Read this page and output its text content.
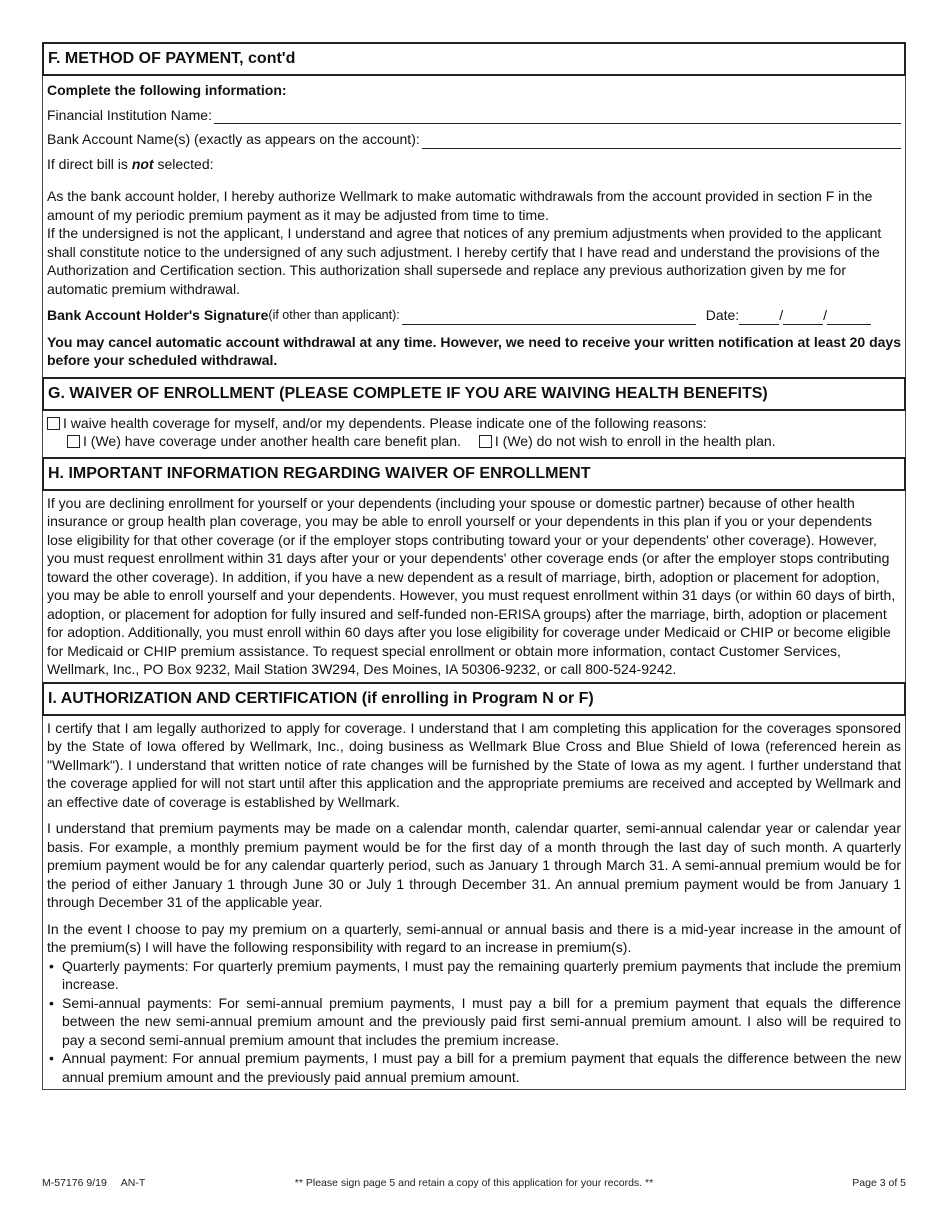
F. METHOD OF PAYMENT, cont'd
Complete the following information:
Financial Institution Name:
Bank Account Name(s) (exactly as appears on the account):
If direct bill is not selected:
As the bank account holder, I hereby authorize Wellmark to make automatic withdrawals from the account provided in section F in the amount of my periodic premium payment as it may be adjusted from time to time.
If the undersigned is not the applicant, I understand and agree that notices of any premium adjustments when provided to the applicant shall constitute notice to the undersigned of any such adjustment. I hereby certify that I have read and understand the provisions of the Authorization and Certification section. This authorization shall supersede and replace any previous authorization given by me for automatic premium withdrawal.
Bank Account Holder's Signature (if other than applicant):	Date:	/	/
You may cancel automatic account withdrawal at any time. However, we need to receive your written notification at least 20 days before your scheduled withdrawal.
G. WAIVER OF ENROLLMENT (PLEASE COMPLETE IF YOU ARE WAIVING HEALTH BENEFITS)
I waive health coverage for myself, and/or my dependents. Please indicate one of the following reasons:
I (We) have coverage under another health care benefit plan. I (We) do not wish to enroll in the health plan.
H. IMPORTANT INFORMATION REGARDING WAIVER OF ENROLLMENT
If you are declining enrollment for yourself or your dependents (including your spouse or domestic partner) because of other health insurance or group health plan coverage, you may be able to enroll yourself or your dependents in this plan if you or your dependents lose eligibility for that other coverage (or if the employer stops contributing toward your or your dependents' other coverage). However, you must request enrollment within 31 days after your or your dependents' other coverage ends (or after the employer stops contributing toward the other coverage). In addition, if you have a new dependent as a result of marriage, birth, adoption or placement for adoption, you may be able to enroll yourself and your dependents. However, you must request enrollment within 31 days (or within 60 days of birth, adoption, or placement for adoption for fully insured and self-funded non-ERISA groups) after the marriage, birth, adoption or placement for adoption. Additionally, you must enroll within 60 days after you lose eligibility for coverage under Medicaid or CHIP or become eligible for Medicaid or CHIP premium assistance. To request special enrollment or obtain more information, contact Customer Services, Wellmark, Inc., PO Box 9232, Mail Station 3W294, Des Moines, IA 50306-9232, or call 800-524-9242.
I. AUTHORIZATION AND CERTIFICATION (if enrolling in Program N or F)

I certify that I am legally authorized to apply for coverage. I understand that I am completing this application for the coverages sponsored by the State of Iowa offered by Wellmark, Inc., doing business as Wellmark Blue Cross and Blue Shield of Iowa (referenced herein as "Wellmark"). I understand that written notice of rate changes will be furnished by the State of Iowa as my agent. I further understand that the coverage applied for will not start until after this application and the appropriate premiums are received and accepted by Wellmark and an effective date of coverage is established by Wellmark.

I understand that premium payments may be made on a calendar month, calendar quarter, semi-annual calendar year or calendar year basis. For example, a monthly premium payment would be for the first day of a month through the last day of such month. A quarterly premium payment would be for any calendar quarterly period, such as January 1 through March 31. A semi-annual premium would be for the period of either January 1 through June 30 or July 1 through December 31. An annual premium payment would be from January 1 through December 31 of the applicable year.

In the event I choose to pay my premium on a quarterly, semi-annual or annual basis and there is a mid-year increase in the amount of the premium(s) I will have the following responsibility with regard to an increase in premium(s).
• Quarterly payments: For quarterly premium payments, I must pay the remaining quarterly premium payments that include the premium increase.
• Semi-annual payments: For semi-annual premium payments, I must pay a bill for a premium payment that equals the difference between the new semi-annual premium amount and the previously paid first semi-annual premium amount. I also will be required to pay a second semi-annual premium amount that includes the premium increase.
• Annual payment: For annual premium payments, I must pay a bill for a premium payment that equals the difference between the new annual premium amount and the previously paid annual premium amount.
M-57176 9/19     AN-T	** Please sign page 5 and retain a copy of this application for your records. **	Page 3 of 5
